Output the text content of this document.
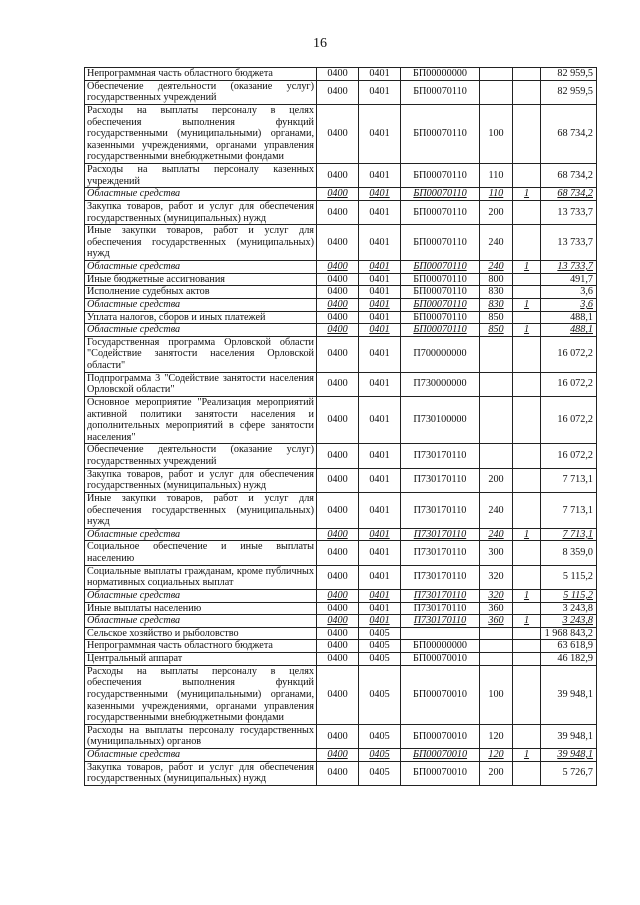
16
Непрограммная часть областного бюджета	0400	0401	БП00000000			82 959,5
Обеспечение деятельности (оказание услуг) государственных учреждений	0400	0401	БП00070110			82 959,5
Расходы на выплаты персоналу в целях обеспечения выполнения функций государственными (муниципальными) органами, казенными учреждениями, органами управления государственными внебюджетными фондами	0400	0401	БП00070110	100		68 734,2
Расходы на выплаты персоналу казенных учреждений	0400	0401	БП00070110	110		68 734,2
Областные средства	0400	0401	БП00070110	110	1	68 734,2
Закупка товаров, работ и услуг для обеспечения государственных (муниципальных) нужд	0400	0401	БП00070110	200		13 733,7
Иные закупки товаров, работ и услуг для обеспечения государственных (муниципальных) нужд	0400	0401	БП00070110	240		13 733,7
Областные средства	0400	0401	БП00070110	240	1	13 733,7
Иные бюджетные ассигнования	0400	0401	БП00070110	800		491,7
Исполнение судебных актов	0400	0401	БП00070110	830		3,6
Областные средства	0400	0401	БП00070110	830	1	3,6
Уплата налогов, сборов и иных платежей	0400	0401	БП00070110	850		488,1
Областные средства	0400	0401	БП00070110	850	1	488,1
Государственная программа Орловской области "Содействие занятости населения Орловской области"	0400	0401	П700000000			16 072,2
Подпрограмма 3 "Содействие занятости населения Орловской области"	0400	0401	П730000000			16 072,2
Основное мероприятие "Реализация мероприятий активной политики занятости населения и дополнительных мероприятий в сфере занятости населения"	0400	0401	П730100000			16 072,2
Обеспечение деятельности (оказание услуг) государственных учреждений	0400	0401	П730170110			16 072,2
Закупка товаров, работ и услуг для обеспечения государственных (муниципальных) нужд	0400	0401	П730170110	200		7 713,1
Иные закупки товаров, работ и услуг для обеспечения государственных (муниципальных) нужд	0400	0401	П730170110	240		7 713,1
Областные средства	0400	0401	П730170110	240	1	7 713,1
Социальное обеспечение и иные выплаты населению	0400	0401	П730170110	300		8 359,0
Социальные выплаты гражданам, кроме публичных нормативных социальных выплат	0400	0401	П730170110	320		5 115,2
Областные средства	0400	0401	П730170110	320	1	5 115,2
Иные выплаты населению	0400	0401	П730170110	360		3 243,8
Областные средства	0400	0401	П730170110	360	1	3 243,8
Сельское хозяйство и рыболовство	0400	0405				1 968 843,2
Непрограммная часть областного бюджета	0400	0405	БП00000000			63 618,9
Центральный аппарат	0400	0405	БП00070010			46 182,9
Расходы на выплаты персоналу в целях обеспечения выполнения функций государственными (муниципальными) органами, казенными учреждениями, органами управления государственными внебюджетными фондами	0400	0405	БП00070010	100		39 948,1
Расходы на выплаты персоналу государственных (муниципальных) органов	0400	0405	БП00070010	120		39 948,1
Областные средства	0400	0405	БП00070010	120	1	39 948,1
Закупка товаров, работ и услуг для обеспечения государственных (муниципальных) нужд	0400	0405	БП00070010	200		5 726,7
